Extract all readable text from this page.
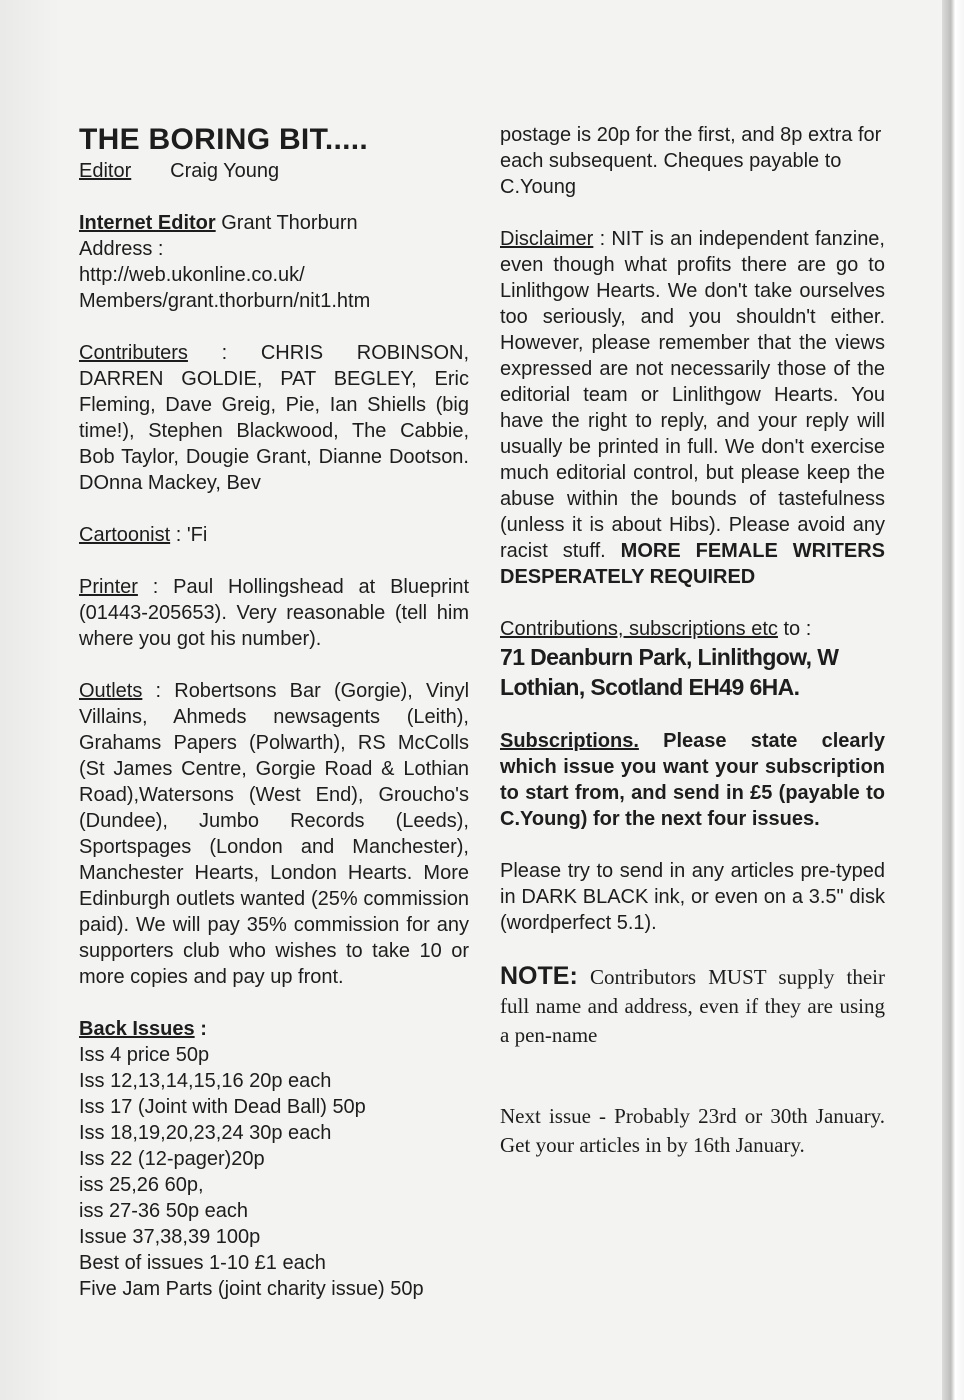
THE BORING BIT.....

Editor Craig Young

Internet Editor Grant Thorburn
Address :
http://web.ukonline.co.uk/
Members/grant.thorburn/nit1.htm

Contributers : CHRIS ROBINSON, DARREN GOLDIE, PAT BEGLEY, Eric Fleming, Dave Greig, Pie, Ian Shiells (big time!), Stephen Blackwood, The Cabbie, Bob Taylor, Dougie Grant, Dianne Dootson. DOnna Mackey, Bev

Cartoonist : 'Fi

Printer : Paul Hollingshead at Blueprint (01443-205653). Very reasonable (tell him where you got his number).

Outlets : Robertsons Bar (Gorgie), Vinyl Villains, Ahmeds newsagents (Leith), Grahams Papers (Polwarth), RS McColls (St James Centre, Gorgie Road & Lothian Road),Watersons (West End), Groucho's (Dundee), Jumbo Records (Leeds), Sportspages (London and Manchester), Manchester Hearts, London Hearts. More Edinburgh outlets wanted (25% commission paid). We will pay 35% commission for any supporters club who wishes to take 10 or more copies and pay up front.

Back Issues :
Iss 4 price 50p
Iss 12,13,14,15,16 20p each
Iss 17 (Joint with Dead Ball) 50p
Iss 18,19,20,23,24 30p each
Iss 22 (12-pager)20p
iss 25,26 60p,
iss 27-36 50p each
Issue 37,38,39 100p
Best of issues 1-10 £1 each
Five Jam Parts (joint charity issue) 50p

postage is 20p for the first, and 8p extra for each subsequent. Cheques payable to C.Young

Disclaimer : NIT is an independent fanzine, even though what profits there are go to Linlithgow Hearts. We don't take ourselves too seriously, and you shouldn't either. However, please remember that the views expressed are not necessarily those of the editorial team or Linlithgow Hearts. You have the right to reply, and your reply will usually be printed in full. We don't exercise much editorial control, but please keep the abuse within the bounds of tastefulness (unless it is about Hibs). Please avoid any racist stuff. MORE FEMALE WRITERS DESPERATELY REQUIRED

Contributions, subscriptions etc to :

71 Deanburn Park, Linlithgow, W Lothian, Scotland EH49 6HA.

Subscriptions. Please state clearly which issue you want your subscription to start from, and send in £5 (payable to C.Young) for the next four issues.

Please try to send in any articles pre-typed in DARK BLACK ink, or even on a 3.5" disk (wordperfect 5.1).

NOTE: Contributors MUST supply their full name and address, even if they are using a pen-name

Next issue - Probably 23rd or 30th January. Get your articles in by 16th January.
